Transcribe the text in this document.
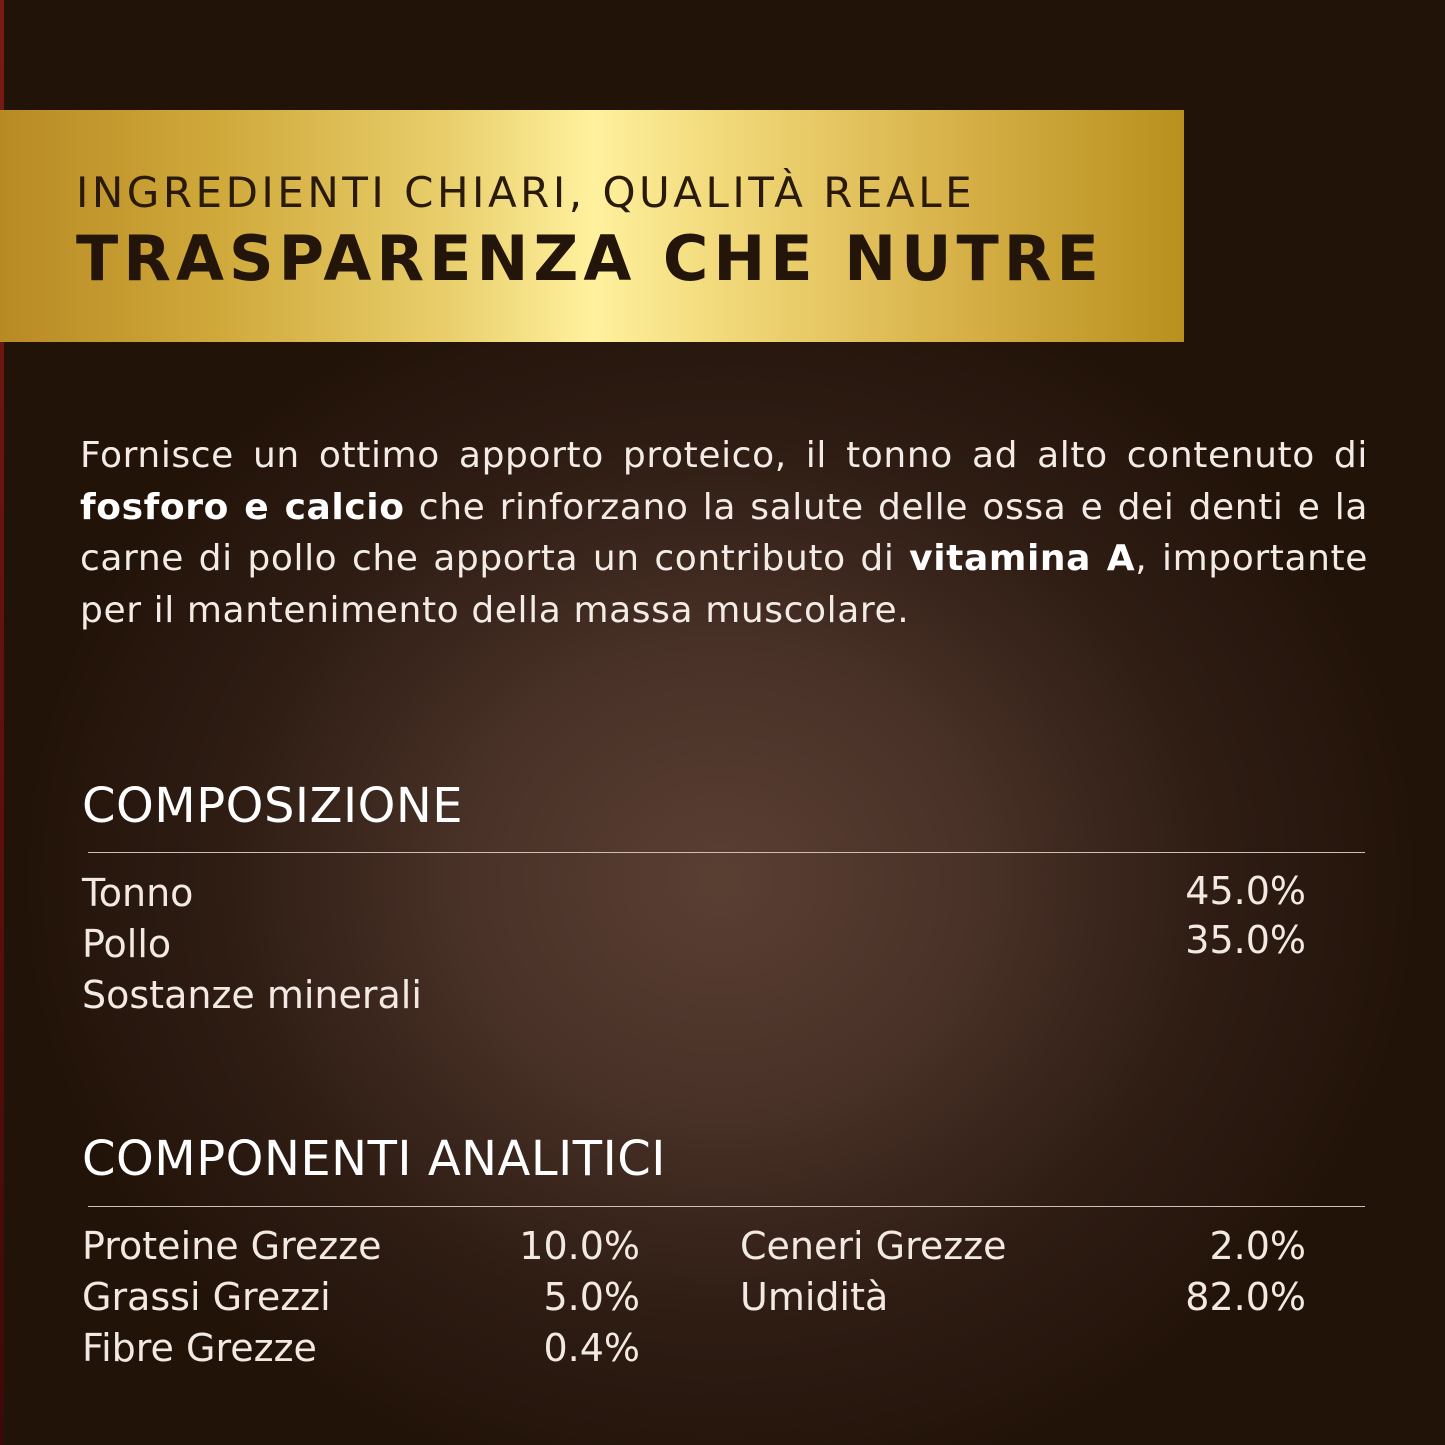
INGREDIENTI CHIARI, QUALITÀ REALE
TRASPARENZA CHE NUTRE

Fornisce un ottimo apporto proteico, il tonno ad alto contenuto di fosforo e calcio che rinforzano la salute delle ossa e dei denti e la carne di pollo che apporta un contributo di vitamina A, importante per il mantenimento della massa muscolare.

COMPOSIZIONE
Tonno	45.0%
Pollo	35.0%
Sostanze minerali
COMPONENTI ANALITICI
Proteine Grezze	10.0%
Grassi Grezzi	5.0%
Fibre Grezze	0.4%
Ceneri Grezze	2.0%
Umidità	82.0%
